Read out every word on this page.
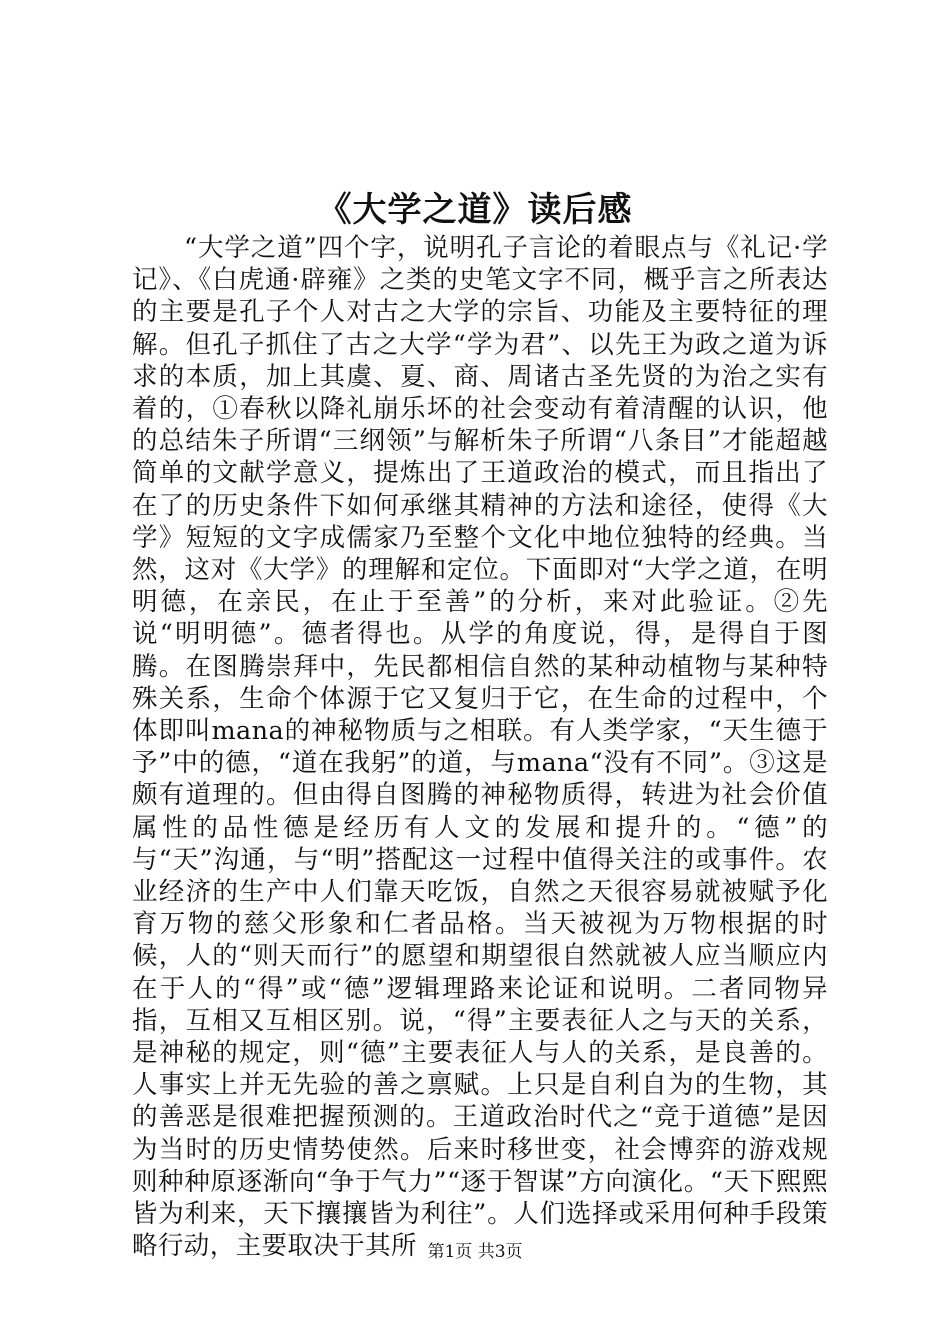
《大学之道》读后感

“大学之道”四个字，说明孔子言论的着眼点与《礼记·学记》、《白虎通·辟雍》之类的史笔文字不同，概乎言之所表达的主要是孔子个人对古之大学的宗旨、功能及主要特征的理解。但孔子抓住了古之大学“学为君”、以先王为政之道为诉求的本质，加上其虞、夏、商、周诸古圣先贤的为治之实有着的，①春秋以降礼崩乐坏的社会变动有着清醒的认识，他的总结朱子所谓“三纲领”与解析朱子所谓“八条目”才能超越简单的文献学意义，提炼出了王道政治的模式，而且指出了在了的历史条件下如何承继其精神的方法和途径，使得《大学》短短的文字成儒家乃至整个文化中地位独特的经典。当然，这对《大学》的理解和定位。下面即对“大学之道，在明明德，在亲民，在止于至善”的分析，来对此验证。②先说“明明德”。德者得也。从学的角度说，得，是得自于图腾。在图腾崇拜中，先民都相信自然的某种动植物与某种特殊关系，生命个体源于它又复归于它，在生命的过程中，个体即叫mana的神秘物质与之相联。有人类学家，“天生德于予”中的德，“道在我躬”的道，与mana“没有不同”。③这是颇有道理的。但由得自图腾的神秘物质得，转进为社会价值属性的品性德是经历有人文的发展和提升的。“德”的与“天”沟通，与“明”搭配这一过程中值得关注的或事件。农业经济的生产中人们靠天吃饭，自然之天很容易就被赋予化育万物的慈父形象和仁者品格。当天被视为万物根据的时候，人的“则天而行”的愿望和期望很自然就被人应当顺应内在于人的“得”或“德”逻辑理路来论证和说明。二者同物异指，互相又互相区别。说，“得”主要表征人之与天的关系，是神秘的规定，则“德”主要表征人与人的关系，是良善的。人事实上并无先验的善之禀赋。上只是自利自为的生物，其的善恶是很难把握预测的。王道政治时代之“竞于道德”是因为当时的历史情势使然。后来时移世变，社会博弈的游戏规则种种原逐渐向“争于气力”“逐于智谋”方向演化。“天下熙熙皆为利来，天下攘攘皆为利往”。人们选择或采用何种手段策略行动，主要取决于其所 第1页 共3页
